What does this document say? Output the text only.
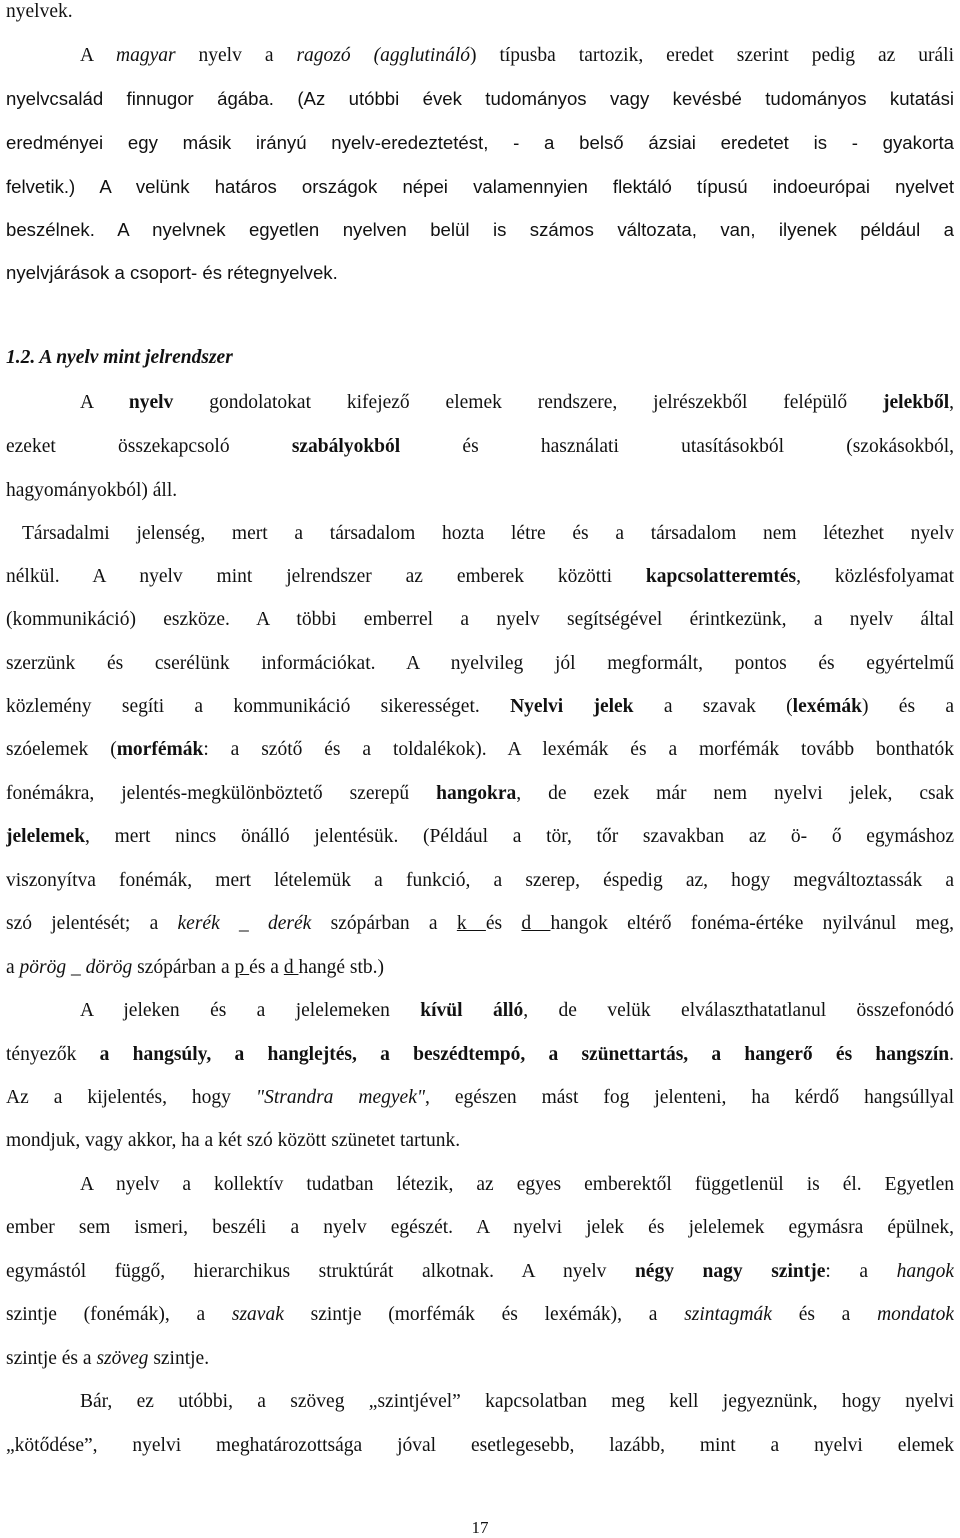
nyelvek.
A magyar nyelv a ragozó (agglutináló) típusba tartozik, eredet szerint pedig az uráli
nyelvcsalád finnugor ágába. (Az utóbbi évek tudományos vagy kevésbé tudományos kutatási
eredményei egy másik irányú nyelv-eredeztetést, - a belső ázsiai eredetet is - gyakorta
felvetik.) A velünk határos országok népei valamennyien flektáló típusú indoeurópai nyelvet
beszélnek. A nyelvnek egyetlen nyelven belül is számos változata, van, ilyenek például a
nyelvjárások a csoport- és rétegnyelvek.
1.2. A nyelv mint jelrendszer
A nyelv gondolatokat kifejező elemek rendszere, jelrészekből felépülő jelekből,
ezeket összekapcsoló szabályokból és használati utasításokból (szokásokból,
hagyományokból) áll.
Társadalmi jelenség, mert a társadalom hozta létre és a társadalom nem létezhet nyelv
nélkül. A nyelv mint jelrendszer az emberek közötti kapcsolatteremtés, közlésfolyamat
(kommunikáció) eszköze. A többi emberrel a nyelv segítségével érintkezünk, a nyelv által
szerzünk és cserélünk információkat. A nyelvileg jól megformált, pontos és egyértelmű
közlemény segíti a kommunikáció sikerességet. Nyelvi jelek a szavak (lexémák) és a
szóelemek (morfémák: a szótő és a toldalékok). A lexémák és a morfémák tovább bonthatók
fonémákra, jelentés-megkülönböztető szerepű hangokra, de ezek már nem nyelvi jelek, csak
jelelemek, mert nincs önálló jelentésük. (Például a tör, tőr szavakban az ö- ő egymáshoz
viszonyítva fonémák, mert lételemük a funkció, a szerep, éspedig az, hogy megváltoztassák a
szó jelentését; a kerék _ derék szópárban a k és d hangok eltérő fonéma-értéke nyilvánul meg,
a pörög _ dörög szópárban a p és a d hangé stb.)
A jeleken és a jelelemeken kívül álló, de velük elválaszthatatlanul összefonódó
tényezők a hangsúly, a hanglejtés, a beszédtempó, a szünettartás, a hangerő és hangszín.
Az a kijelentés, hogy "Strandra megyek", egészen mást fog jelenteni, ha kérdő hangsúllyal
mondjuk, vagy akkor, ha a két szó között szünetet tartunk.
A nyelv a kollektív tudatban létezik, az egyes emberektől függetlenül is él. Egyetlen
ember sem ismeri, beszéli a nyelv egészét. A nyelvi jelek és jelelemek egymásra épülnek,
egymástól függő, hierarchikus struktúrát alkotnak. A nyelv négy nagy szintje: a hangok
szintje (fonémák), a szavak szintje (morfémák és lexémák), a szintagmák és a mondatok
szintje és a szöveg szintje.
Bár, ez utóbbi, a szöveg „szintjével” kapcsolatban meg kell jegyeznünk, hogy nyelvi
„kötődése”, nyelvi meghatározottsága jóval esetlegesebb, lazább, mint a nyelvi elemek
17
